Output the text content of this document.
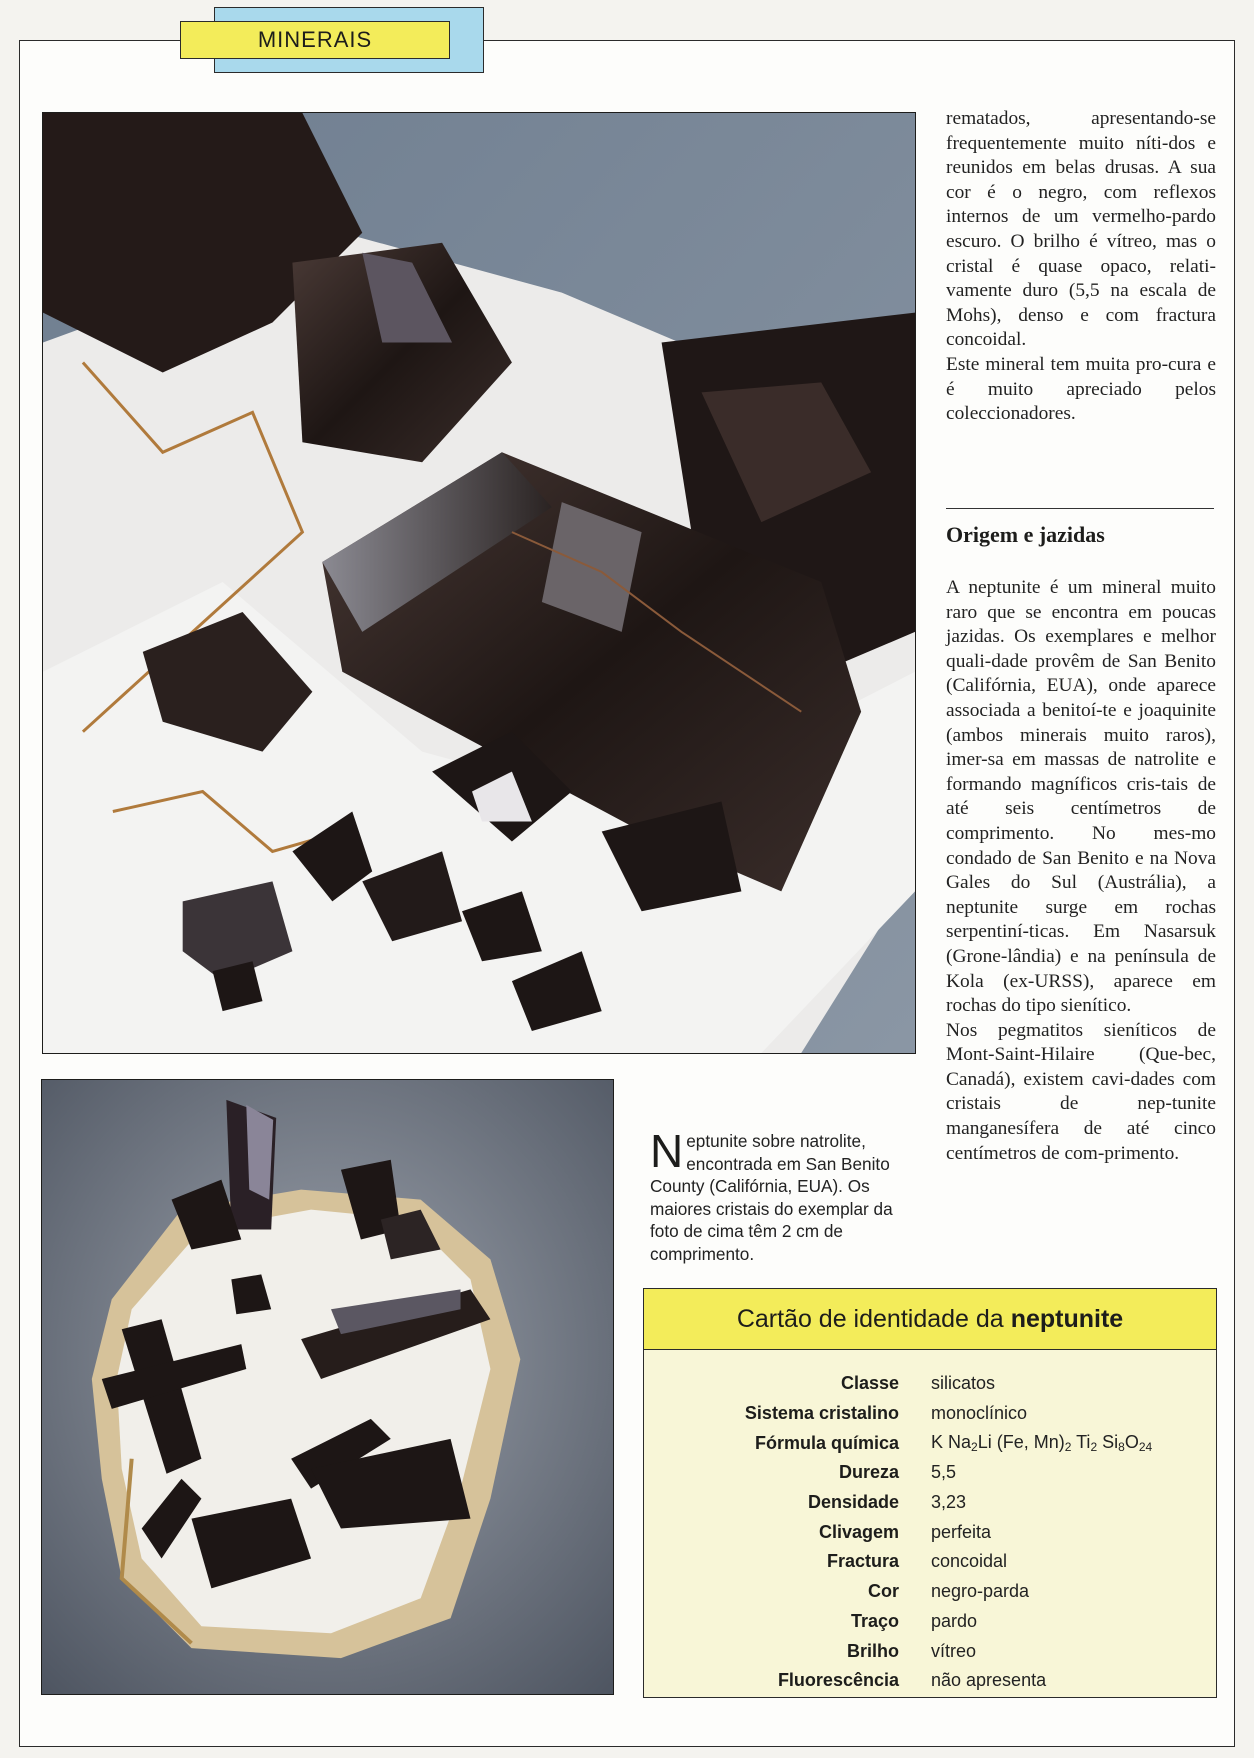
MINERAIS

rematados, apresentando-se frequentemente muito níti-dos e reunidos em belas drusas. A sua cor é o negro, com reflexos internos de um vermelho-pardo escuro. O brilho é vítreo, mas o cristal é quase opaco, relati-vamente duro (5,5 na escala de Mohs), denso e com fractura concoidal.

Este mineral tem muita pro-cura e é muito apreciado pelos coleccionadores.

Origem e jazidas

A neptunite é um mineral muito raro que se encontra em poucas jazidas. Os exemplares e melhor quali-dade provêm de San Benito (Califórnia, EUA), onde aparece associada a benitoí-te e joaquinite (ambos minerais muito raros), imer-sa em massas de natrolite e formando magníficos cris-tais de até seis centímetros de comprimento. No mes-mo condado de San Benito e na Nova Gales do Sul (Austrália), a neptunite surge em rochas serpentiní-ticas. Em Nasarsuk (Grone-lândia) e na península de Kola (ex-URSS), aparece em rochas do tipo sienítico.

Nos pegmatitos sieníticos de Mont-Saint-Hilaire (Que-bec, Canadá), existem cavi-dades com cristais de nep-tunite manganesífera de até cinco centímetros de com-primento.

N eptunite sobre natrolite, encontrada em San Benito County (Califórnia, EUA). Os maiores cristais do exemplar da foto de cima têm 2 cm de comprimento.
Cartão de identidade da neptunite
Classe silicatos
Sistema cristalino monoclínico
Fórmula química K $Na_2Li$ (Fe, $Mn)_2$ $Ti_2$ $Si_8O_{24}$
Dureza 5,5
Densidade 3,23
Clivagem perfeita
Fractura concoidal
Cor negro-parda
Traço pardo
Brilho vítreo
Fluorescência não apresenta
